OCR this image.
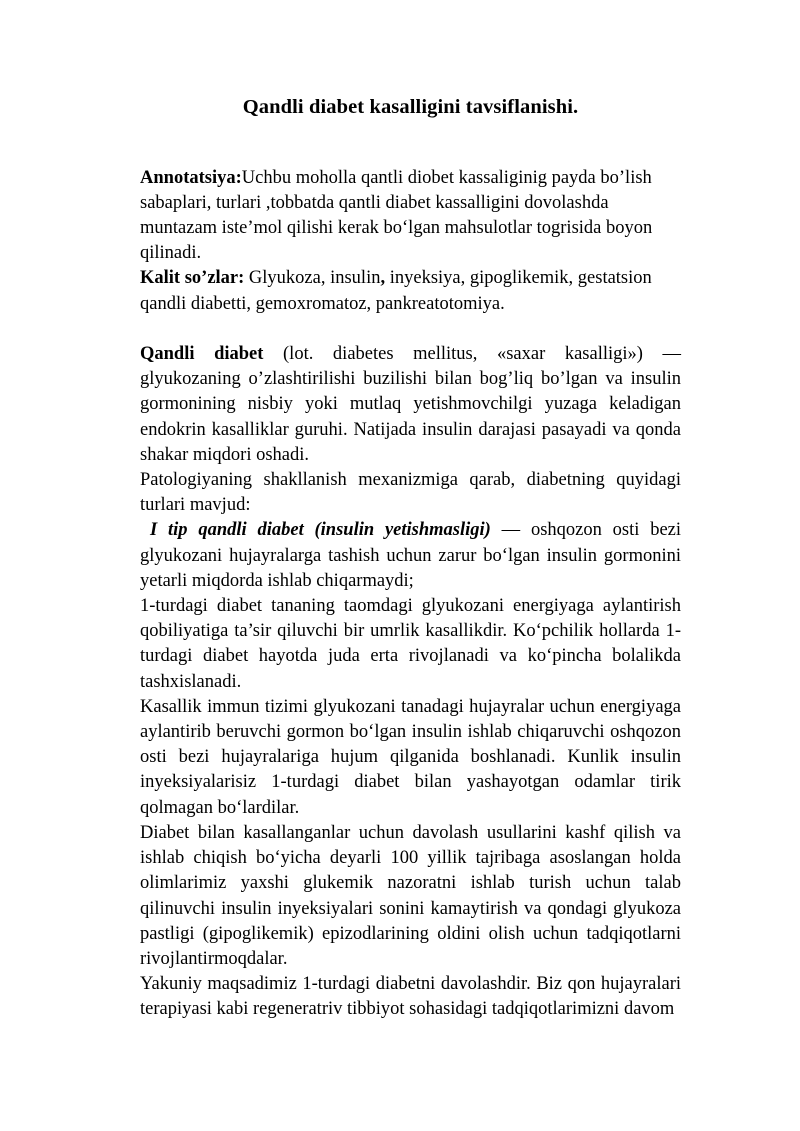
Qandli diabet kasalligini tavsiflanishi.

Annotatsiya:Uchbu moholla qantli diobet kassaliginig payda bo’lish sabaplari, turlari ,tobbatda qantli diabet kassalligini dovolashda muntazam iste’mol qilishi kerak bo‘lgan mahsulotlar togrisida boyon qilinadi.

Kalit so’zlar: Glyukoza, insulin, inyeksiya, gipoglikemik, gestatsion qandli diabetti, gemoxromatoz, pankreatotomiya.

Qandli diabet (lot. diabetes mellitus, «saxar kasalligi») — glyukozaning o’zlashtirilishi buzilishi bilan bog’liq bo’lgan va insulin gormonining nisbiy yoki mutlaq yetishmovchilgi yuzaga keladigan endokrin kasalliklar guruhi. Natijada insulin darajasi pasayadi va qonda shakar miqdori oshadi.

Patologiyaning shakllanish mexanizmiga qarab, diabetning quyidagi turlari mavjud:

I tip qandli diabet (insulin yetishmasligi) — oshqozon osti bezi glyukozani hujayralarga tashish uchun zarur bo‘lgan insulin gormonini yetarli miqdorda ishlab chiqarmaydi;

1-turdagi diabet tananing taomdagi glyukozani energiyaga aylantirish qobiliyatiga ta’sir qiluvchi bir umrlik kasallikdir. Ko‘pchilik hollarda 1-turdagi diabet hayotda juda erta rivojlanadi va ko‘pincha bolalikda tashxislanadi.

Kasallik immun tizimi glyukozani tanadagi hujayralar uchun energiyaga aylantirib beruvchi gormon bo‘lgan insulin ishlab chiqaruvchi oshqozon osti bezi hujayralariga hujum qilganida boshlanadi. Kunlik insulin inyeksiyalarisiz 1-turdagi diabet bilan yashayotgan odamlar tirik qolmagan bo‘lardilar.

Diabet bilan kasallanganlar uchun davolash usullarini kashf qilish va ishlab chiqish bo‘yicha deyarli 100 yillik tajribaga asoslangan holda olimlarimiz yaxshi glukemik nazoratni ishlab turish uchun talab qilinuvchi insulin inyeksiyalari sonini kamaytirish va qondagi glyukoza pastligi (gipoglikemik) epizodlarining oldini olish uchun tadqiqotlarni rivojlantirmoqdalar.

Yakuniy maqsadimiz 1-turdagi diabetni davolashdir. Biz qon hujayralari terapiyasi kabi regeneratriv tibbiyot sohasidagi tadqiqotlarimizni davom
